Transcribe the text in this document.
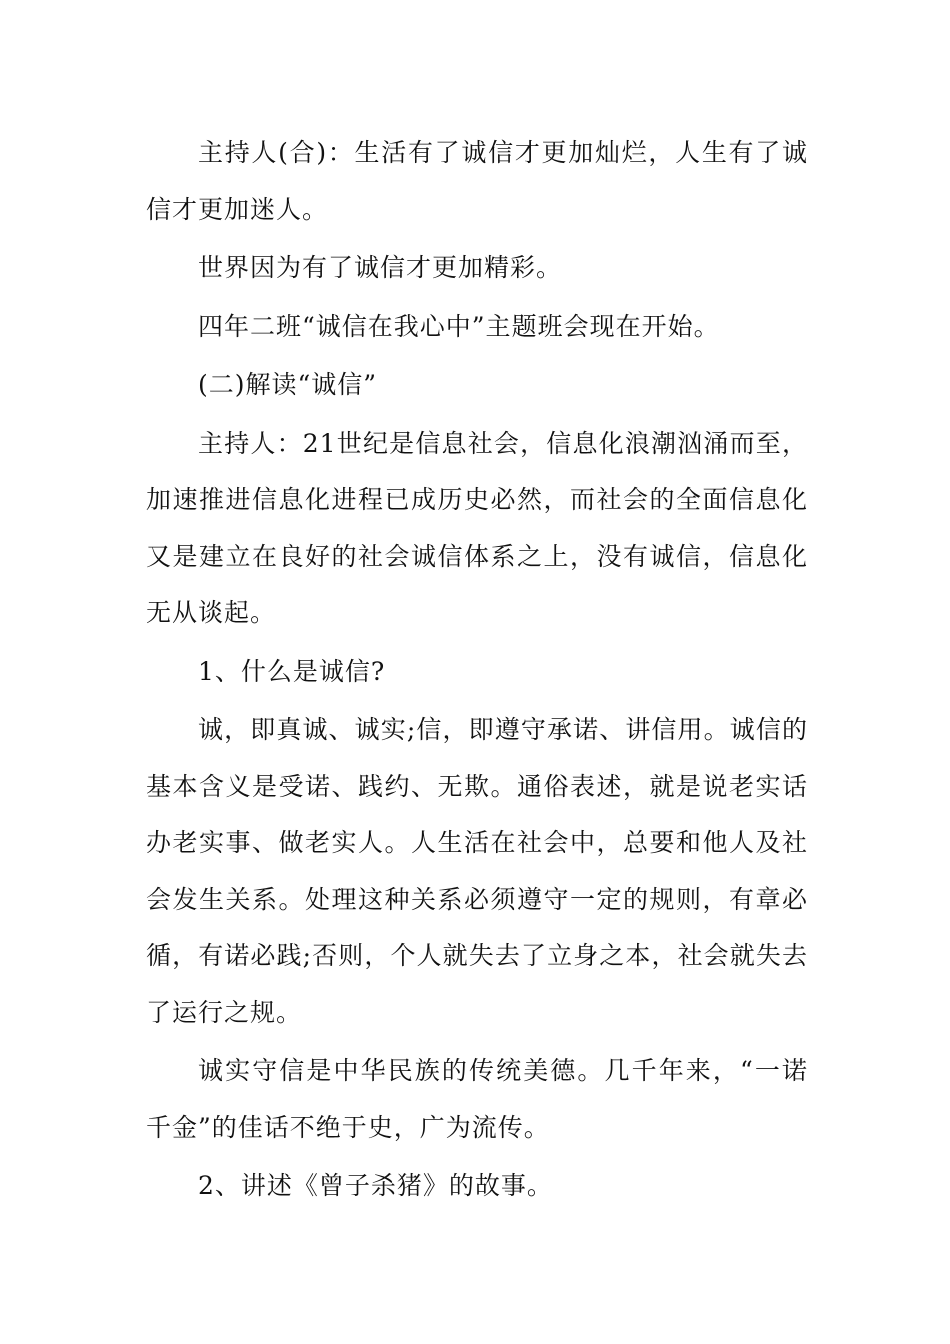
主持人(合)：生活有了诚信才更加灿烂，人生有了诚信才更加迷人。

世界因为有了诚信才更加精彩。

四年二班“诚信在我心中”主题班会现在开始。

(二)解读“诚信”

主持人：21世纪是信息社会，信息化浪潮汹涌而至，加速推进信息化进程已成历史必然，而社会的全面信息化又是建立在良好的社会诚信体系之上，没有诚信，信息化无从谈起。

1、什么是诚信?

诚，即真诚、诚实;信，即遵守承诺、讲信用。诚信的基本含义是受诺、践约、无欺。通俗表述，就是说老实话办老实事、做老实人。人生活在社会中，总要和他人及社会发生关系。处理这种关系必须遵守一定的规则，有章必循，有诺必践;否则，个人就失去了立身之本，社会就失去了运行之规。

诚实守信是中华民族的传统美德。几千年来，“一诺千金”的佳话不绝于史，广为流传。

2、讲述《曾子杀猪》的故事。
